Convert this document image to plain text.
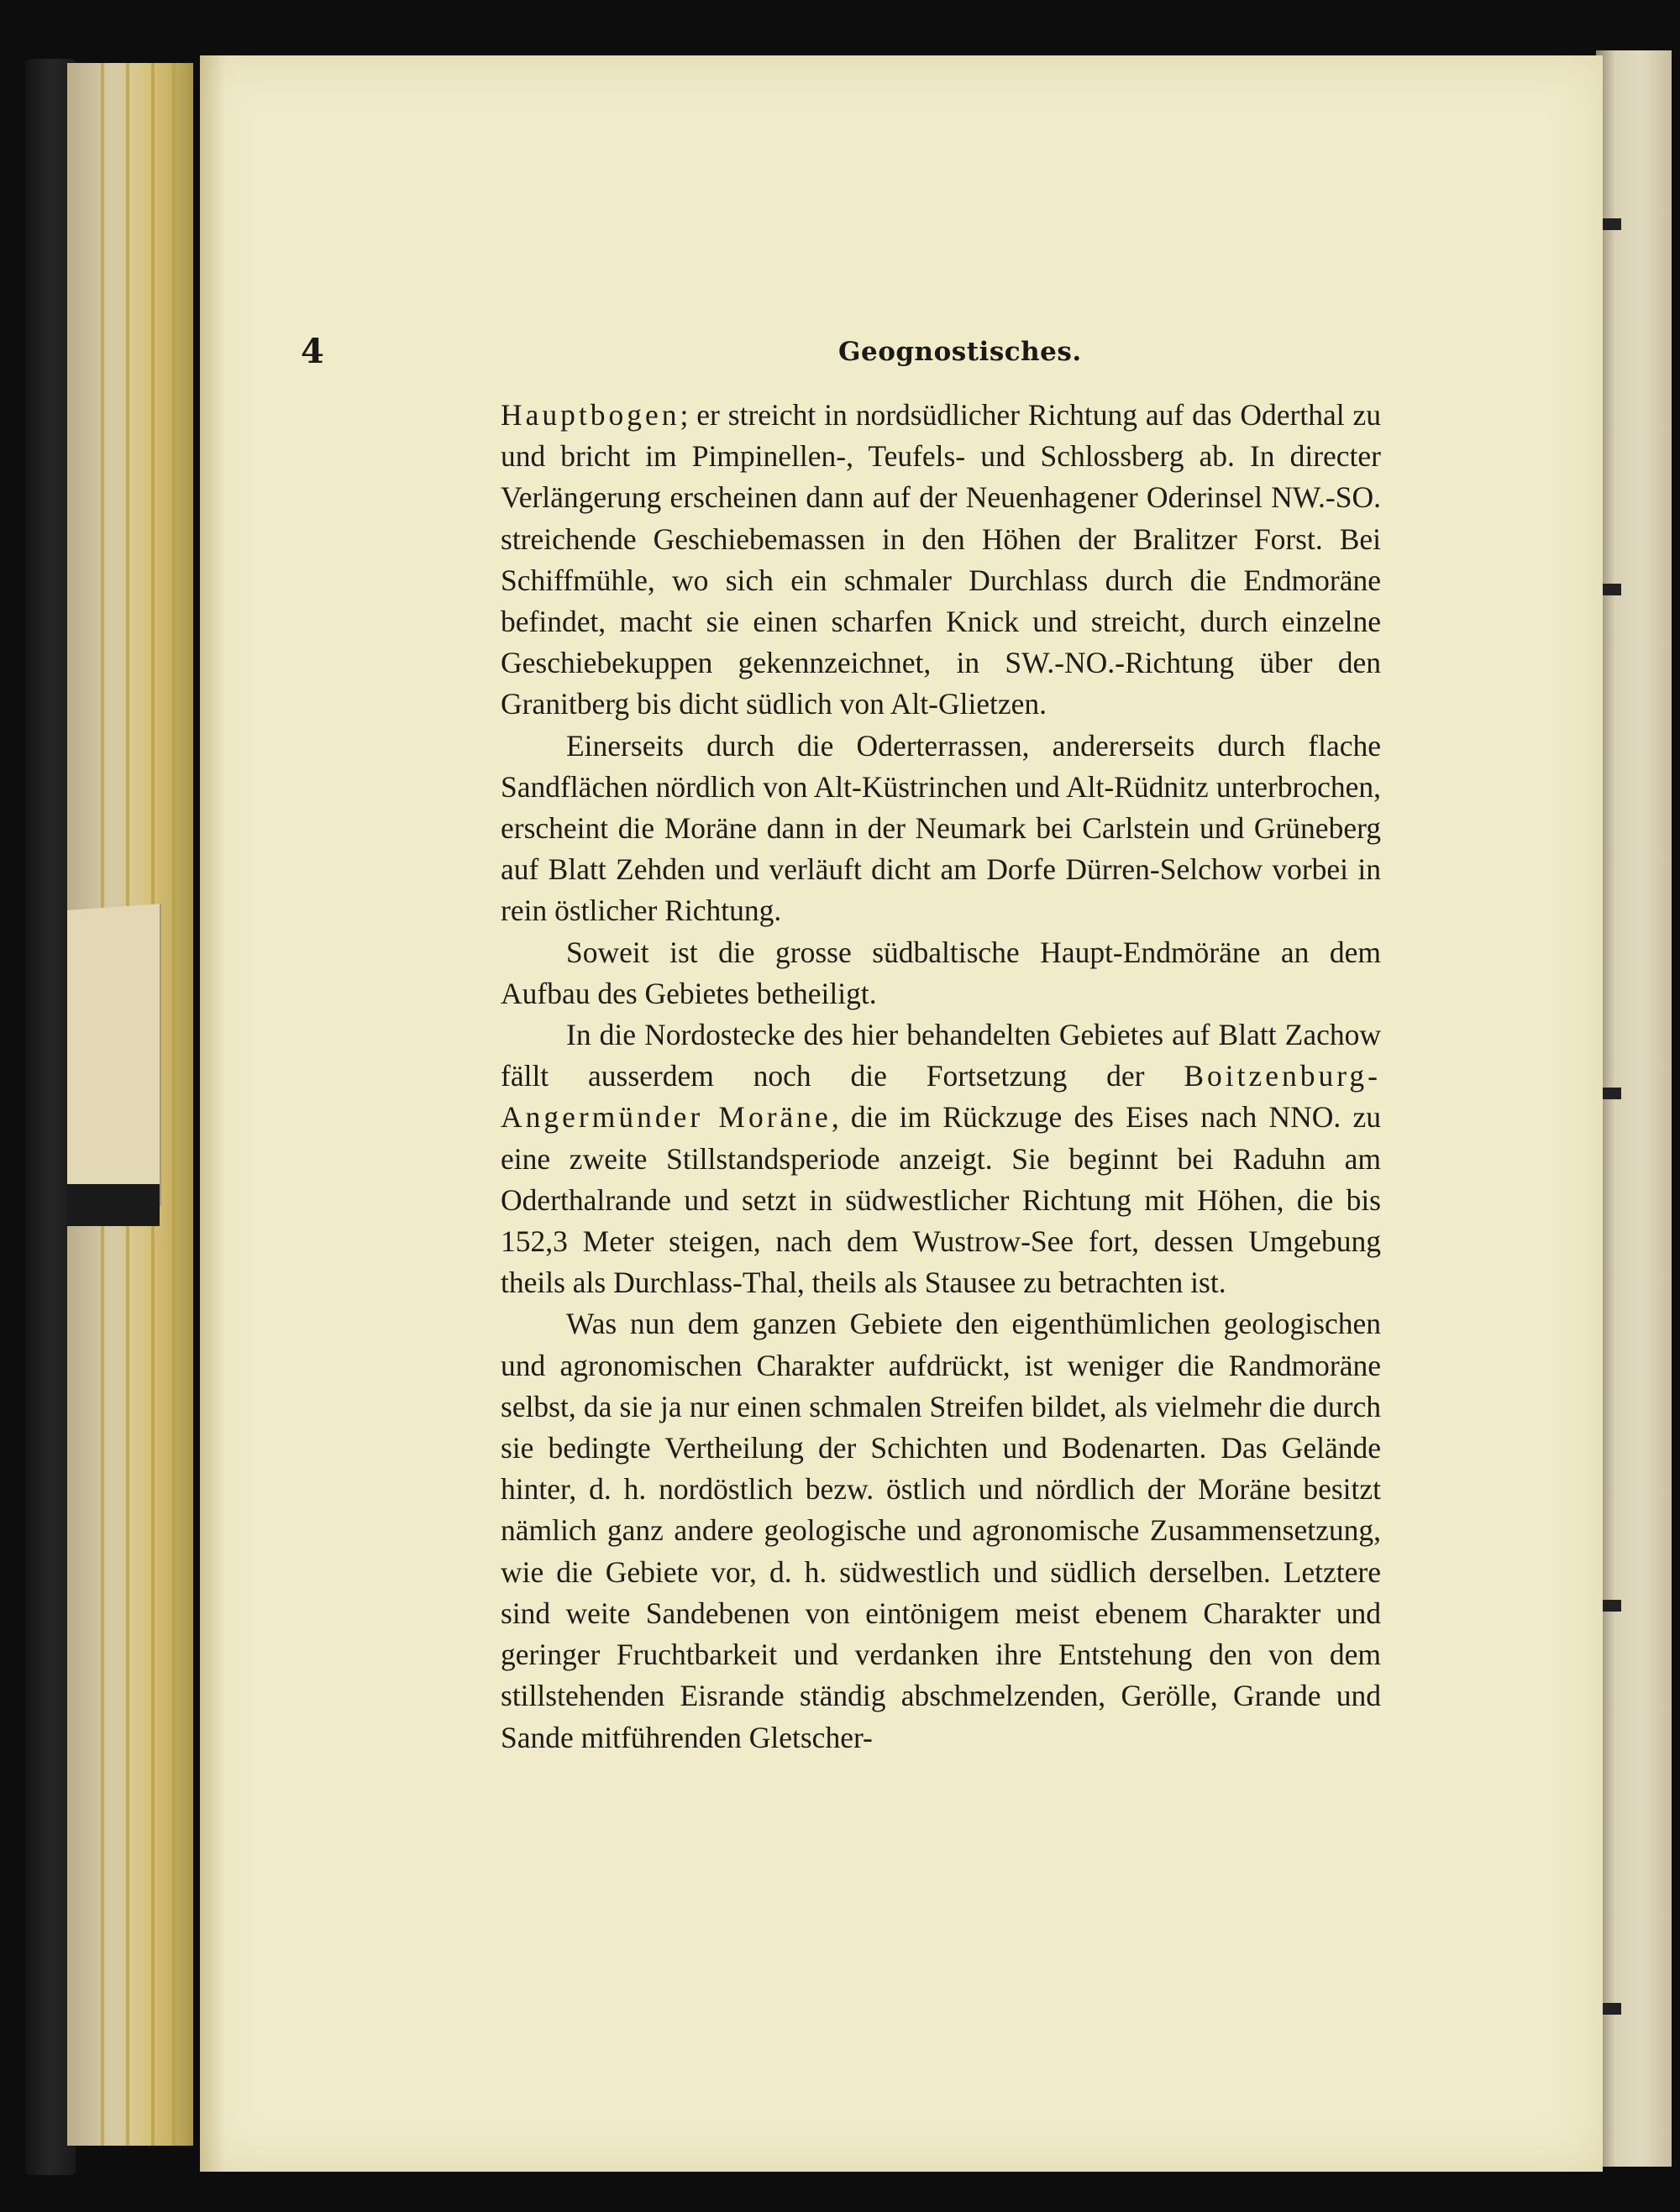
4	Geognostisches.

Hauptbogen; er streicht in nordsüdlicher Richtung auf das Oderthal zu und bricht im Pimpinellen-, Teufels- und Schlossberg ab. In directer Verlängerung erscheinen dann auf der Neuenhagener Oderinsel NW.-SO. streichende Geschiebemassen in den Höhen der Bralitzer Forst. Bei Schiffmühle, wo sich ein schmaler Durchlass durch die Endmoräne befindet, macht sie einen scharfen Knick und streicht, durch einzelne Geschiebekuppen gekennzeichnet, in SW.-NO.-Richtung über den Granitberg bis dicht südlich von Alt-Glietzen.

Einerseits durch die Oderterrassen, andererseits durch flache Sandflächen nördlich von Alt-Küstrinchen und Alt-Rüdnitz unterbrochen, erscheint die Moräne dann in der Neumark bei Carlstein und Grüneberg auf Blatt Zehden und verläuft dicht am Dorfe Dürren-Selchow vorbei in rein östlicher Richtung.

Soweit ist die grosse südbaltische Haupt-Endmöräne an dem Aufbau des Gebietes betheiligt.

In die Nordostecke des hier behandelten Gebietes auf Blatt Zachow fällt ausserdem noch die Fortsetzung der Boitzenburg-Angermünder Moräne, die im Rückzuge des Eises nach NNO. zu eine zweite Stillstandsperiode anzeigt. Sie beginnt bei Raduhn am Oderthalrande und setzt in südwestlicher Richtung mit Höhen, die bis 152,3 Meter steigen, nach dem Wustrow-See fort, dessen Umgebung theils als Durchlass-Thal, theils als Stausee zu betrachten ist.

Was nun dem ganzen Gebiete den eigenthümlichen geologischen und agronomischen Charakter aufdrückt, ist weniger die Randmoräne selbst, da sie ja nur einen schmalen Streifen bildet, als vielmehr die durch sie bedingte Vertheilung der Schichten und Bodenarten. Das Gelände hinter, d. h. nordöstlich bezw. östlich und nördlich der Moräne besitzt nämlich ganz andere geologische und agronomische Zusammensetzung, wie die Gebiete vor, d. h. südwestlich und südlich derselben. Letztere sind weite Sandebenen von eintönigem meist ebenem Charakter und geringer Fruchtbarkeit und verdanken ihre Entstehung den von dem stillstehenden Eisrande ständig abschmelzenden, Gerölle, Grande und Sande mitführenden Gletscher-
